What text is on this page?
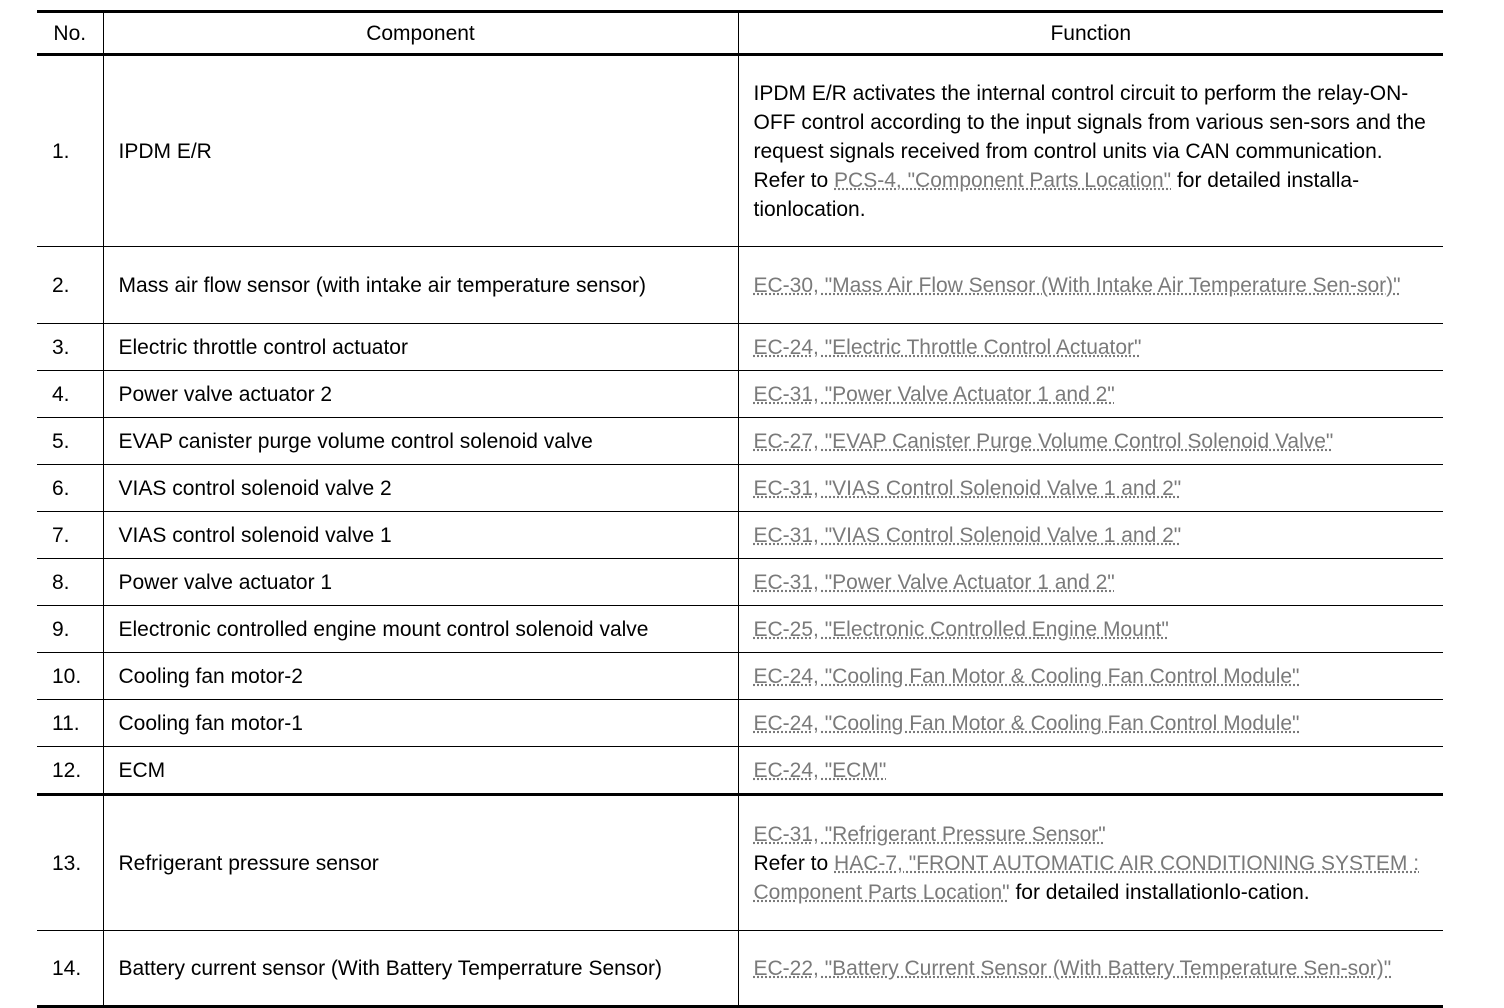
No.	Component	Function
1.	IPDM E/R	IPDM E/R activates the internal control circuit to perform the relay-ON-OFF control according to the input signals from various sen-sors and the request signals received from control units via CAN communication.
Refer to PCS-4, "Component Parts Location" for detailed installa-tionlocation.
2.	Mass air flow sensor (with intake air temperature sensor)	EC-30, "Mass Air Flow Sensor (With Intake Air Temperature Sen-sor)"
3.	Electric throttle control actuator	EC-24, "Electric Throttle Control Actuator"
4.	Power valve actuator 2	EC-31, "Power Valve Actuator 1 and 2"
5.	EVAP canister purge volume control solenoid valve	EC-27, "EVAP Canister Purge Volume Control Solenoid Valve"
6.	VIAS control solenoid valve 2	EC-31, "VIAS Control Solenoid Valve 1 and 2"
7.	VIAS control solenoid valve 1	EC-31, "VIAS Control Solenoid Valve 1 and 2"
8.	Power valve actuator 1	EC-31, "Power Valve Actuator 1 and 2"
9.	Electronic controlled engine mount control solenoid valve	EC-25, "Electronic Controlled Engine Mount"
10.	Cooling fan motor-2	EC-24, "Cooling Fan Motor & Cooling Fan Control Module"
11.	Cooling fan motor-1	EC-24, "Cooling Fan Motor & Cooling Fan Control Module"
12.	ECM	EC-24, "ECM"
13.	Refrigerant pressure sensor	EC-31, "Refrigerant Pressure Sensor"
Refer to HAC-7, "FRONT AUTOMATIC AIR CONDITIONING SYSTEM : Component Parts Location" for detailed installationlo-cation.
14.	Battery current sensor (With Battery Temperrature Sensor)	EC-22, "Battery Current Sensor (With Battery Temperature Sen-sor)"
